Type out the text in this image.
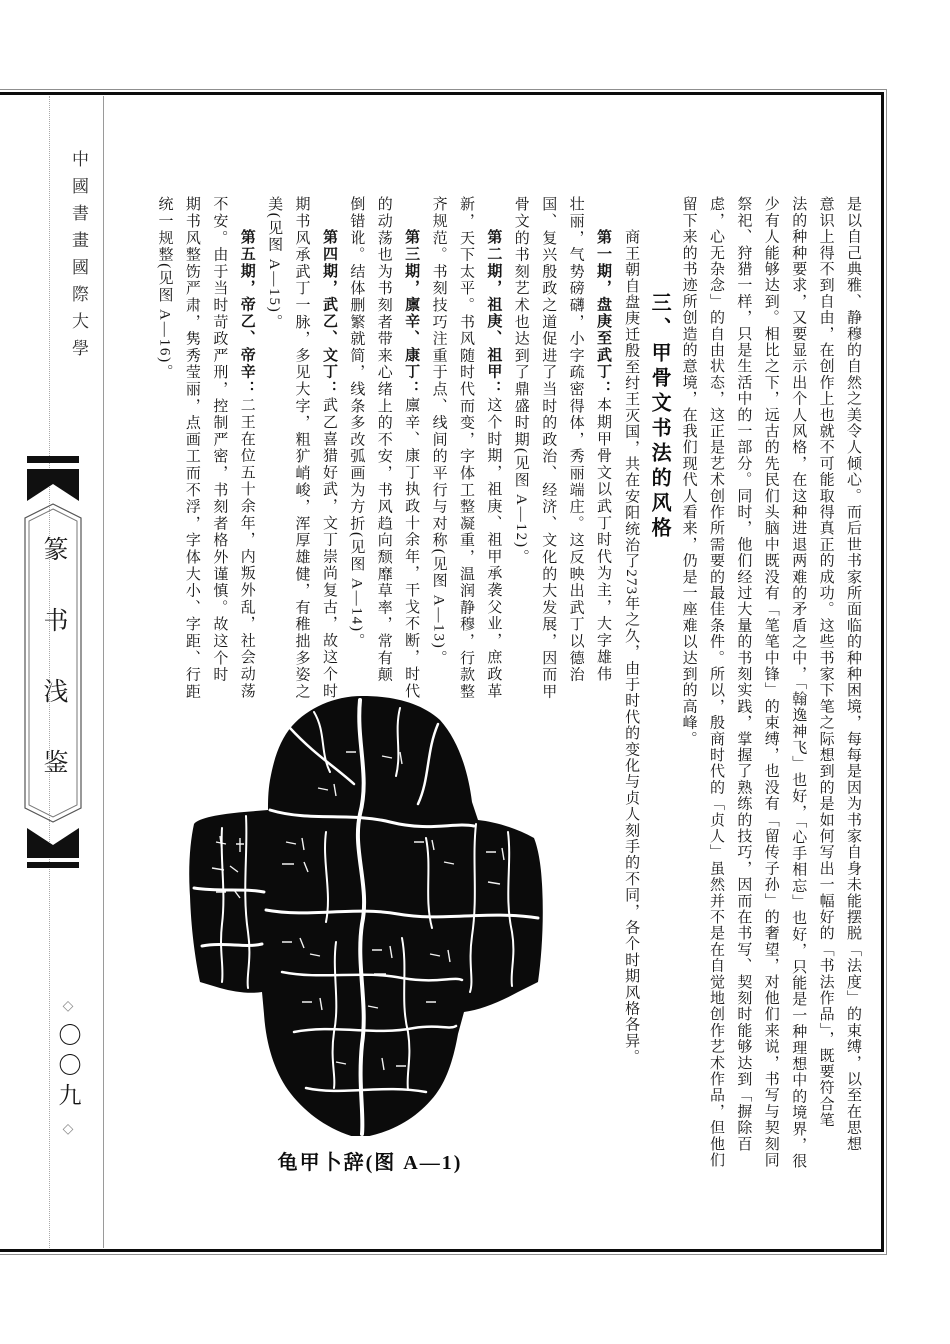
中國書畫國際大學
篆书浅鉴
◇
〇〇九
◇	是以自己典雅、静穆的自然之美令人倾心。而后世书家所面临的种种困境，每每是因为书家自身未能摆脱「法度」的束缚，以至在思想
意识上得不到自由，在创作上也就不可能取得真正的成功。这些书家下笔之际想到的是如何写出一幅好的「书法作品」，既要符合笔
法的种种要求，又要显示出个人风格，在这种进退两难的矛盾之中，「翰逸神飞」也好，「心手相忘」也好，只能是一种理想中的境界，很
少有人能够达到。相比之下，远古的先民们头脑中既没有「笔笔中锋」的束缚，也没有「留传子孙」的奢望，对他们来说，书写与契刻同
祭祀、狩猎一样，只是生活中的一部分。同时，他们经过大量的书刻实践，掌握了熟练的技巧，因而在书写、契刻时能够达到「摒除百
虑，心无杂念」的自由状态，这正是艺术创作所需要的最佳条件。所以，殷商时代的「贞人」虽然并不是在自觉地创作艺术作品，但他们
留下来的书迹所创造的意境，在我们现代人看来，仍是一座难以达到的高峰。
三、甲骨文书法的风格
商王朝自盘庚迁殷至纣王灭国，共在安阳统治了273年之久，由于时代的变化与贞人刻手的不同，各个时期风格各异。
第一期，盘庚至武丁：本期甲骨文以武丁时代为主，大字雄伟
壮丽，气势磅礴，小字疏密得体，秀丽端庄。这反映出武丁以德治
国、复兴殷政之道促进了当时的政治、经济、文化的大发展，因而甲
骨文的书刻艺术也达到了鼎盛时期(见图 A—12)。
第二期，祖庚、祖甲：这个时期，祖庚、祖甲承袭父业，庶政革
新，天下太平。书风随时代而变，字体工整凝重，温润静穆，行款整
齐规范。书刻技巧注重于点、线间的平行与对称(见图 A—13)。
第三期，廪辛、康丁：廪辛、康丁执政十余年，干戈不断，时代
的动荡也为书刻者带来心绪上的不安，书风趋向颓靡草率，常有颠
倒错讹。结体删繁就简，线条多改弧画为方折(见图 A—14)。
第四期，武乙、文丁：武乙喜猎好武，文丁崇尚复古，故这个时
期书风承武丁一脉，多见大字，粗犷峭峻，浑厚雄健，有稚拙多姿之
美(见图 A—15)。
第五期，帝乙、帝辛：二王在位五十余年，内叛外乱，社会动荡
不安。由于当时苛政严刑，控制严密，书刻者格外谨慎。故这个时
期书风整饬严肃，隽秀莹丽，点画工而不浮，字体大小、字距、行距
统一规整(见图 A—16)。
龟甲卜辞(图 A—1)
